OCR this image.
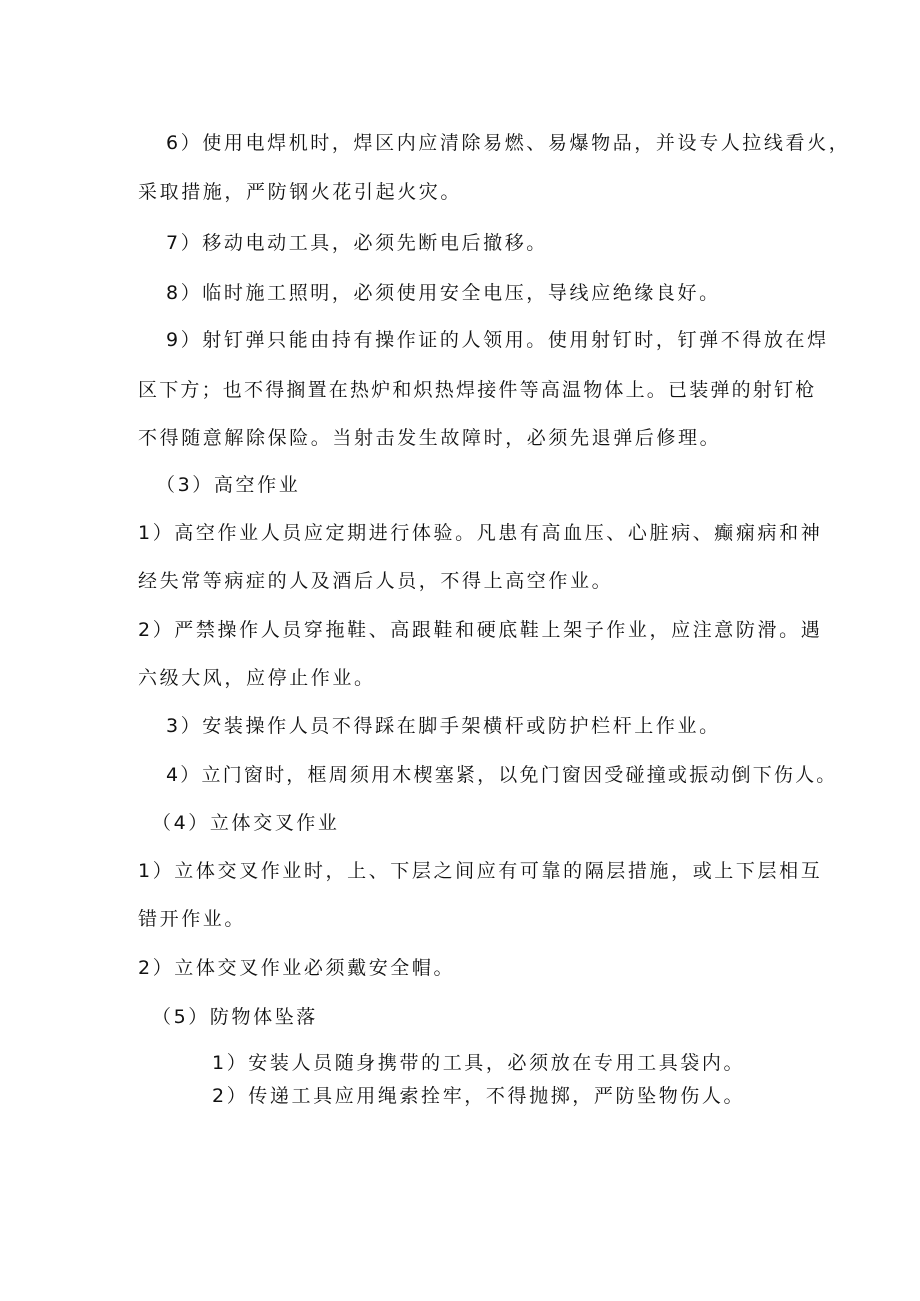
6）使用电焊机时，焊区内应清除易燃、易爆物品，并设专人拉线看火，
采取措施，严防钢火花引起火灾。
7）移动电动工具，必须先断电后撤移。
8）临时施工照明，必须使用安全电压，导线应绝缘良好。
9）射钉弹只能由持有操作证的人领用。使用射钉时，钉弹不得放在焊
区下方；也不得搁置在热炉和炽热焊接件等高温物体上。已装弹的射钉枪
不得随意解除保险。当射击发生故障时，必须先退弹后修理。
（3）高空作业
1）高空作业人员应定期进行体验。凡患有高血压、心脏病、癫痫病和神
经失常等病症的人及酒后人员，不得上高空作业。
2）严禁操作人员穿拖鞋、高跟鞋和硬底鞋上架子作业，应注意防滑。遇
六级大风，应停止作业。
3）安装操作人员不得踩在脚手架横杆或防护栏杆上作业。
4）立门窗时，框周须用木楔塞紧，以免门窗因受碰撞或振动倒下伤人。
（4）立体交叉作业
1）立体交叉作业时，上、下层之间应有可靠的隔层措施，或上下层相互
错开作业。
2）立体交叉作业必须戴安全帽。
（5）防物体坠落
1）安装人员随身携带的工具，必须放在专用工具袋内。
2）传递工具应用绳索拴牢，不得抛掷，严防坠物伤人。
